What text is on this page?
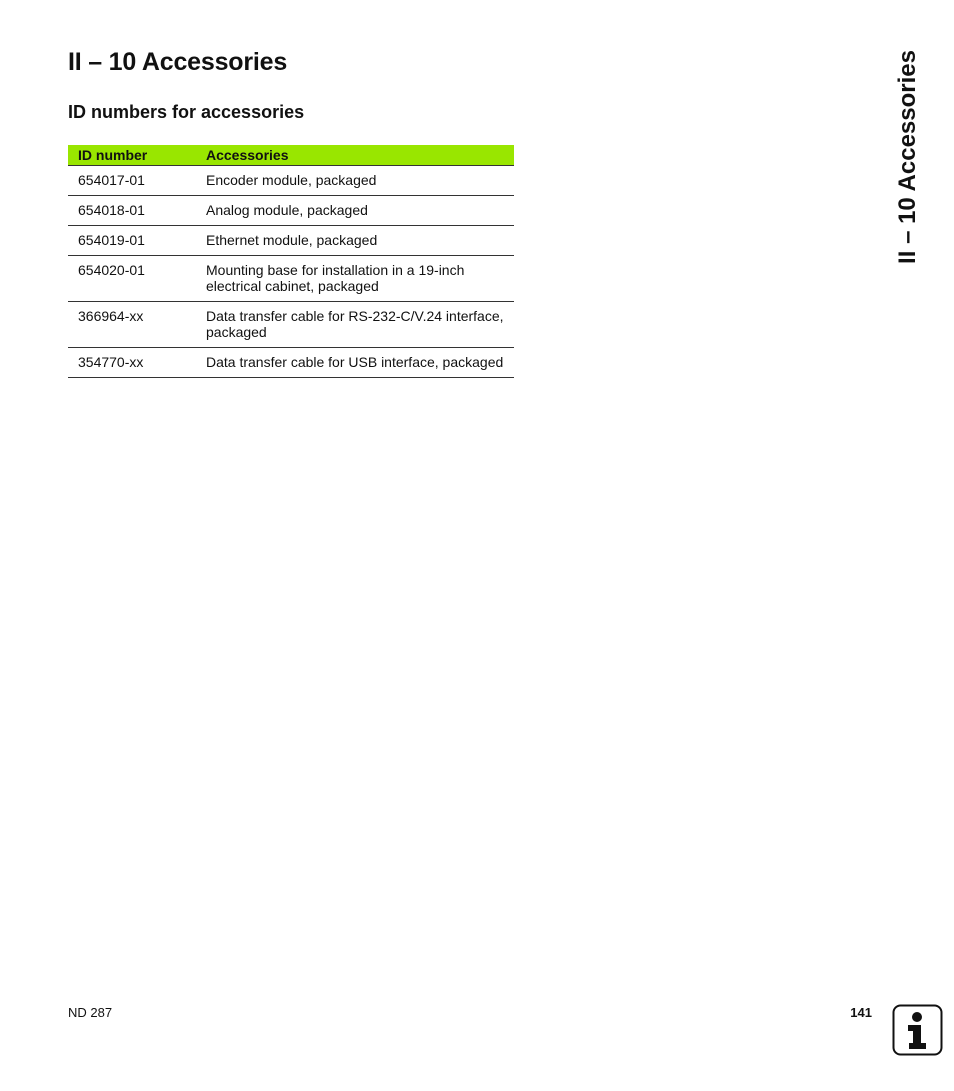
II – 10 Accessories
ID numbers for accessories
ID number	Accessories
654017-01	Encoder module, packaged
654018-01	Analog module, packaged
654019-01	Ethernet module, packaged
654020-01	Mounting base for installation in a 19-inch electrical cabinet, packaged
366964-xx	Data transfer cable for RS-232-C/V.24 interface, packaged
354770-xx	Data transfer cable for USB interface, packaged
II – 10 Accessories
ND 287	141
